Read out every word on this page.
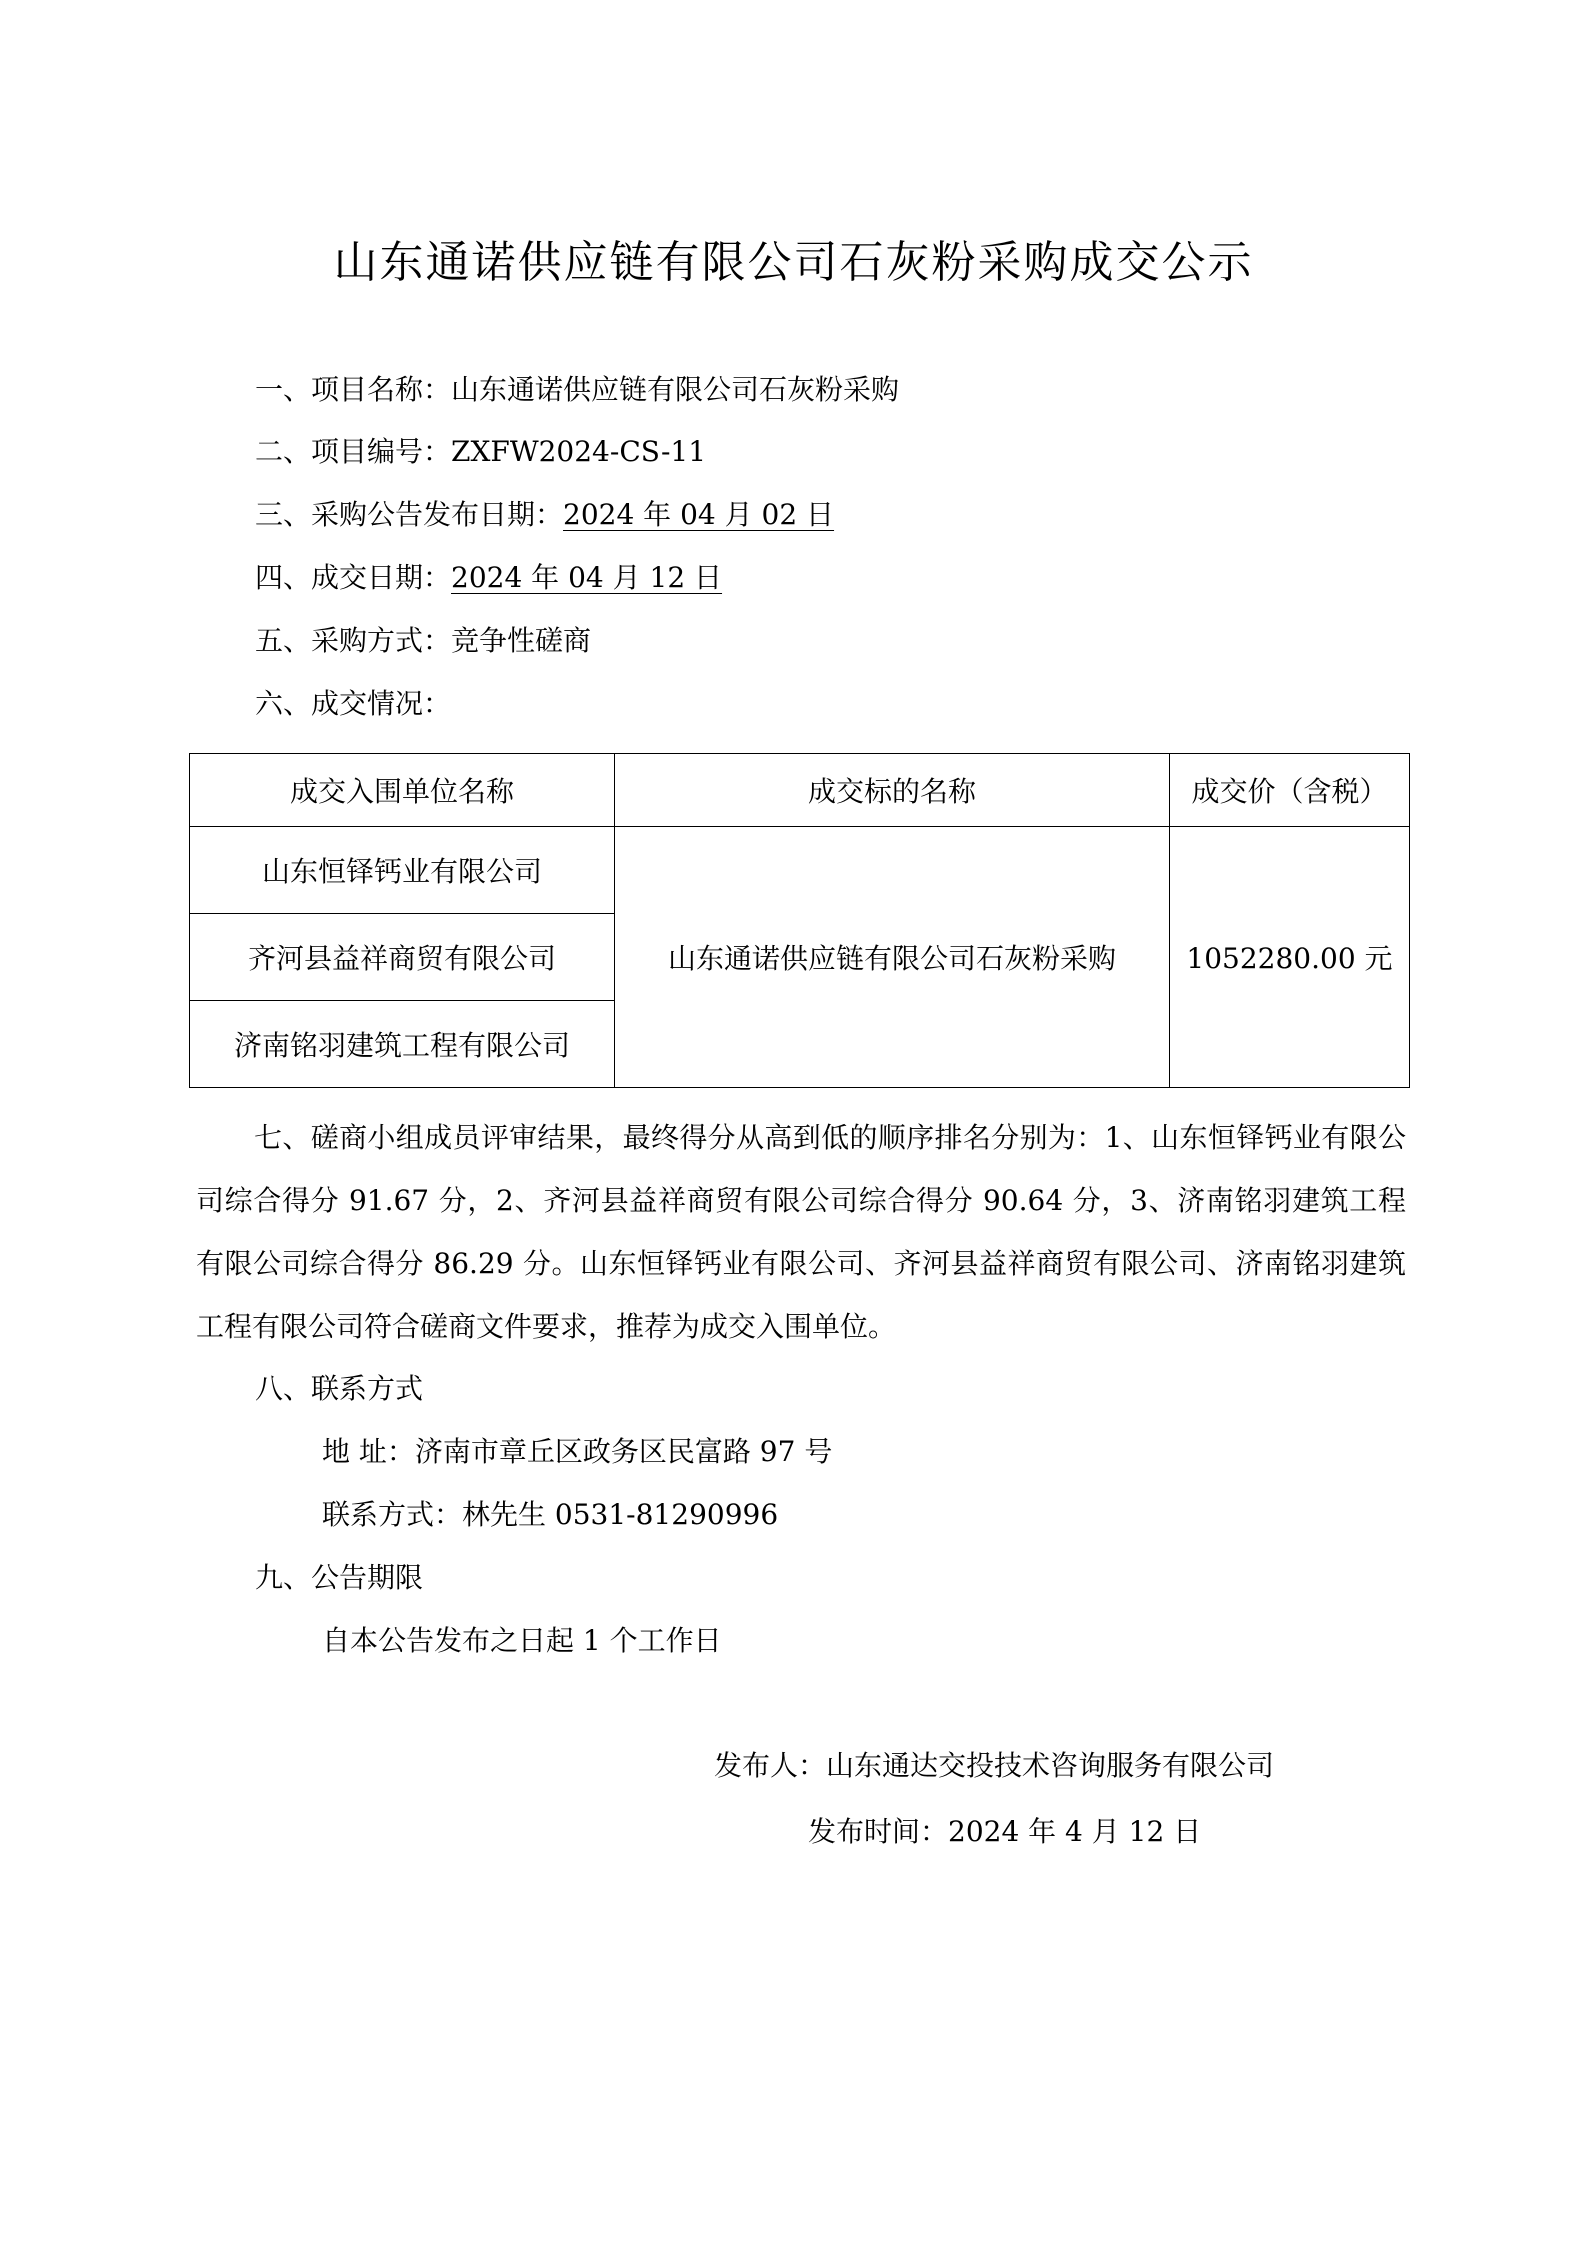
山东通诺供应链有限公司石灰粉采购成交公示
一、项目名称：山东通诺供应链有限公司石灰粉采购
二、项目编号：ZXFW2024-CS-11
三、采购公告发布日期：2024 年 04 月 02 日
四、成交日期：2024 年 04 月 12 日
五、采购方式：竞争性磋商
六、成交情况：
成交入围单位名称	成交标的名称	成交价（含税）
山东恒铎钙业有限公司	山东通诺供应链有限公司石灰粉采购	1052280.00 元
齐河县益祥商贸有限公司		
济南铭羽建筑工程有限公司		
七、磋商小组成员评审结果，最终得分从高到低的顺序排名分别为：1、山东恒铎钙业有限公司综合得分 91.67 分，2、齐河县益祥商贸有限公司综合得分 90.64 分，3、济南铭羽建筑工程有限公司综合得分 86.29 分。山东恒铎钙业有限公司、齐河县益祥商贸有限公司、济南铭羽建筑工程有限公司符合磋商文件要求，推荐为成交入围单位。
八、联系方式
地 址：济南市章丘区政务区民富路 97 号
联系方式：林先生 0531-81290996
九、公告期限
自本公告发布之日起 1 个工作日
发布人：山东通达交投技术咨询服务有限公司
发布时间：2024 年 4 月 12 日
